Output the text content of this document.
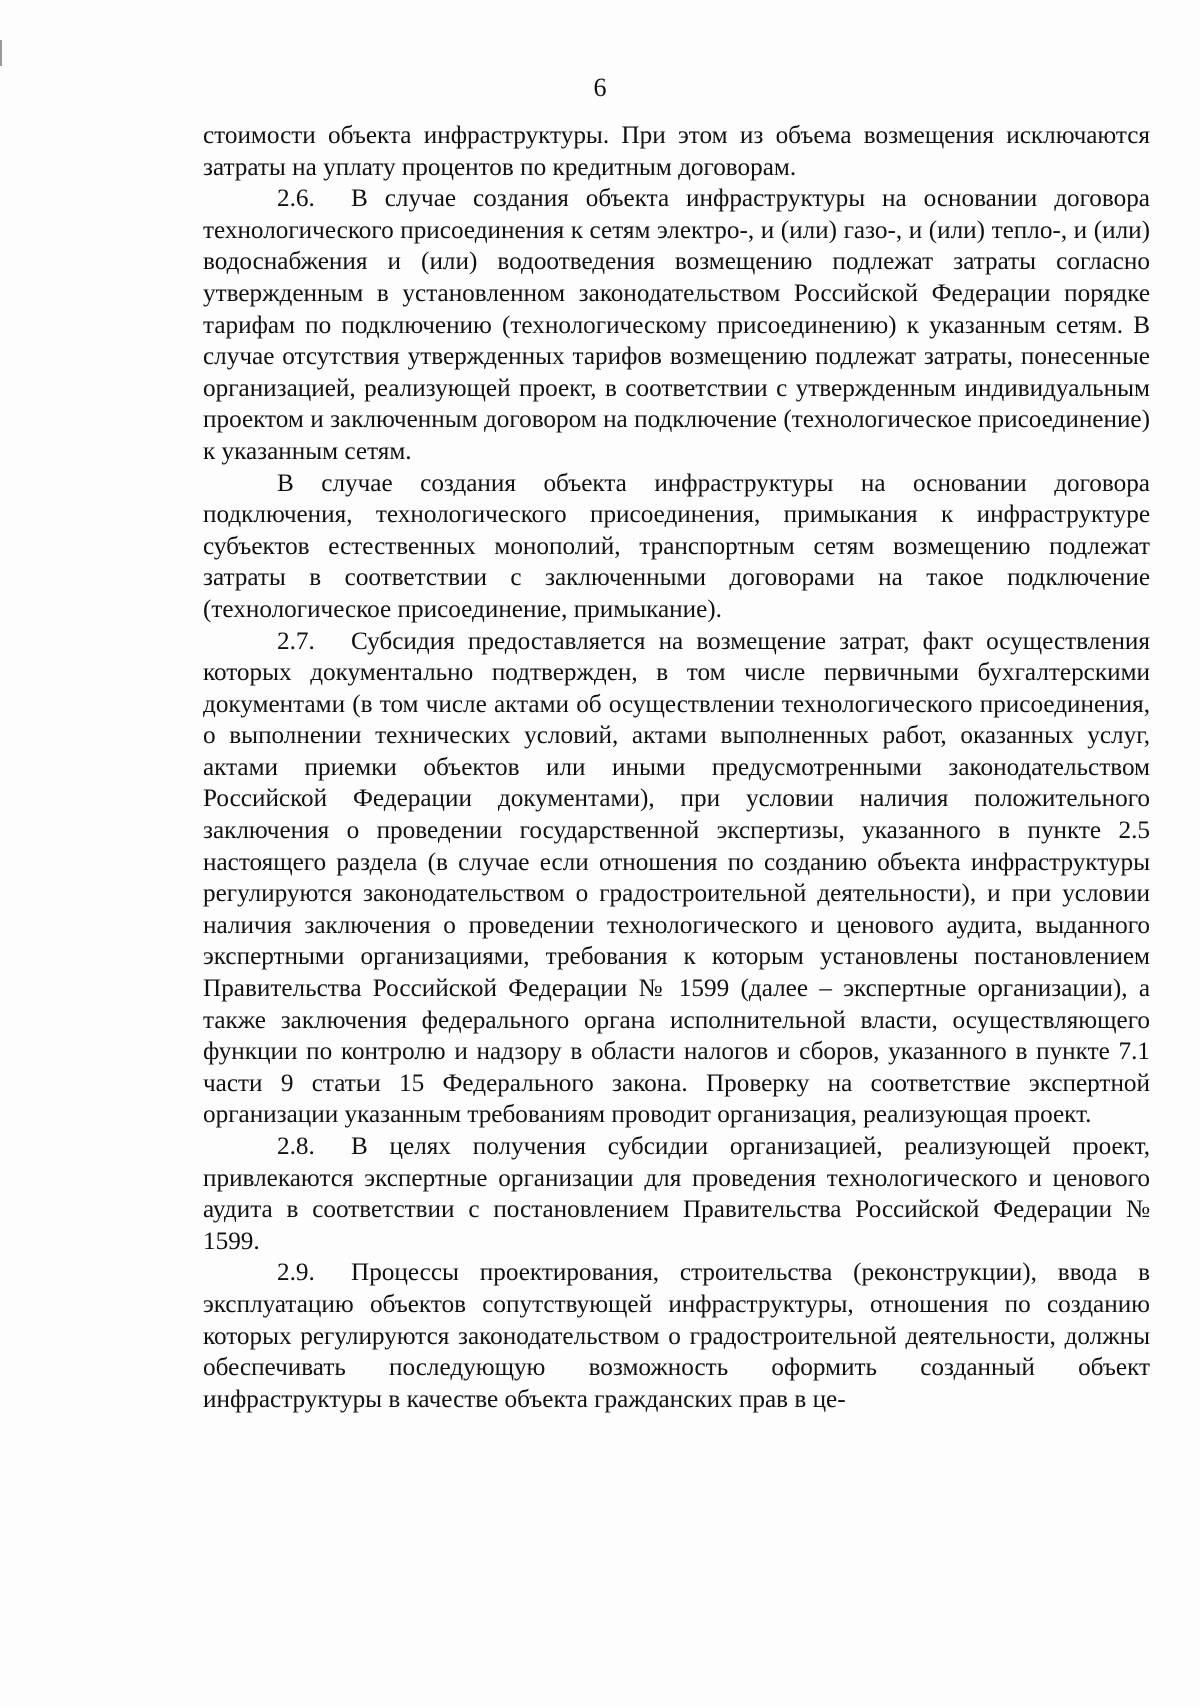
6

стоимости объекта инфраструктуры. При этом из объема возмещения исключаются затраты на уплату процентов по кредитным договорам.

2.6. В случае создания объекта инфраструктуры на основании договора технологического присоединения к сетям электро-, и (или) газо-, и (или) тепло-, и (или) водоснабжения и (или) водоотведения возмещению подлежат затраты согласно утвержденным в установленном законодательством Российской Федерации порядке тарифам по подключению (технологическому присоединению) к указанным сетям. В случае отсутствия утвержденных тарифов возмещению подлежат затраты, понесенные организацией, реализующей проект, в соответствии с утвержденным индивидуальным проектом и заключенным договором на подключение (технологическое присоединение) к указанным сетям.

В случае создания объекта инфраструктуры на основании договора подключения, технологического присоединения, примыкания к инфраструктуре субъектов естественных монополий, транспортным сетям возмещению подлежат затраты в соответствии с заключенными договорами на такое подключение (технологическое присоединение, примыкание).

2.7. Субсидия предоставляется на возмещение затрат, факт осуществления которых документально подтвержден, в том числе первичными бухгалтерскими документами (в том числе актами об осуществлении технологического присоединения, о выполнении технических условий, актами выполненных работ, оказанных услуг, актами приемки объектов или иными предусмотренными законодательством Российской Федерации документами), при условии наличия положительного заключения о проведении государственной экспертизы, указанного в пункте 2.5 настоящего раздела (в случае если отношения по созданию объекта инфраструктуры регулируются законодательством о градостроительной деятельности), и при условии наличия заключения о проведении технологического и ценового аудита, выданного экспертными организациями, требования к которым установлены постановлением Правительства Российской Федерации № 1599 (далее – экспертные организации), а также заключения федерального органа исполнительной власти, осуществляющего функции по контролю и надзору в области налогов и сборов, указанного в пункте 7.1 части 9 статьи 15 Федерального закона. Проверку на соответствие экспертной организации указанным требованиям проводит организация, реализующая проект.

2.8. В целях получения субсидии организацией, реализующей проект, привлекаются экспертные организации для проведения технологического и ценового аудита в соответствии с постановлением Правительства Российской Федерации № 1599.

2.9. Процессы проектирования, строительства (реконструкции), ввода в эксплуатацию объектов сопутствующей инфраструктуры, отношения по созданию которых регулируются законодательством о градостроительной деятельности, должны обеспечивать последующую возможность оформить созданный объект инфраструктуры в качестве объекта гражданских прав в це-
